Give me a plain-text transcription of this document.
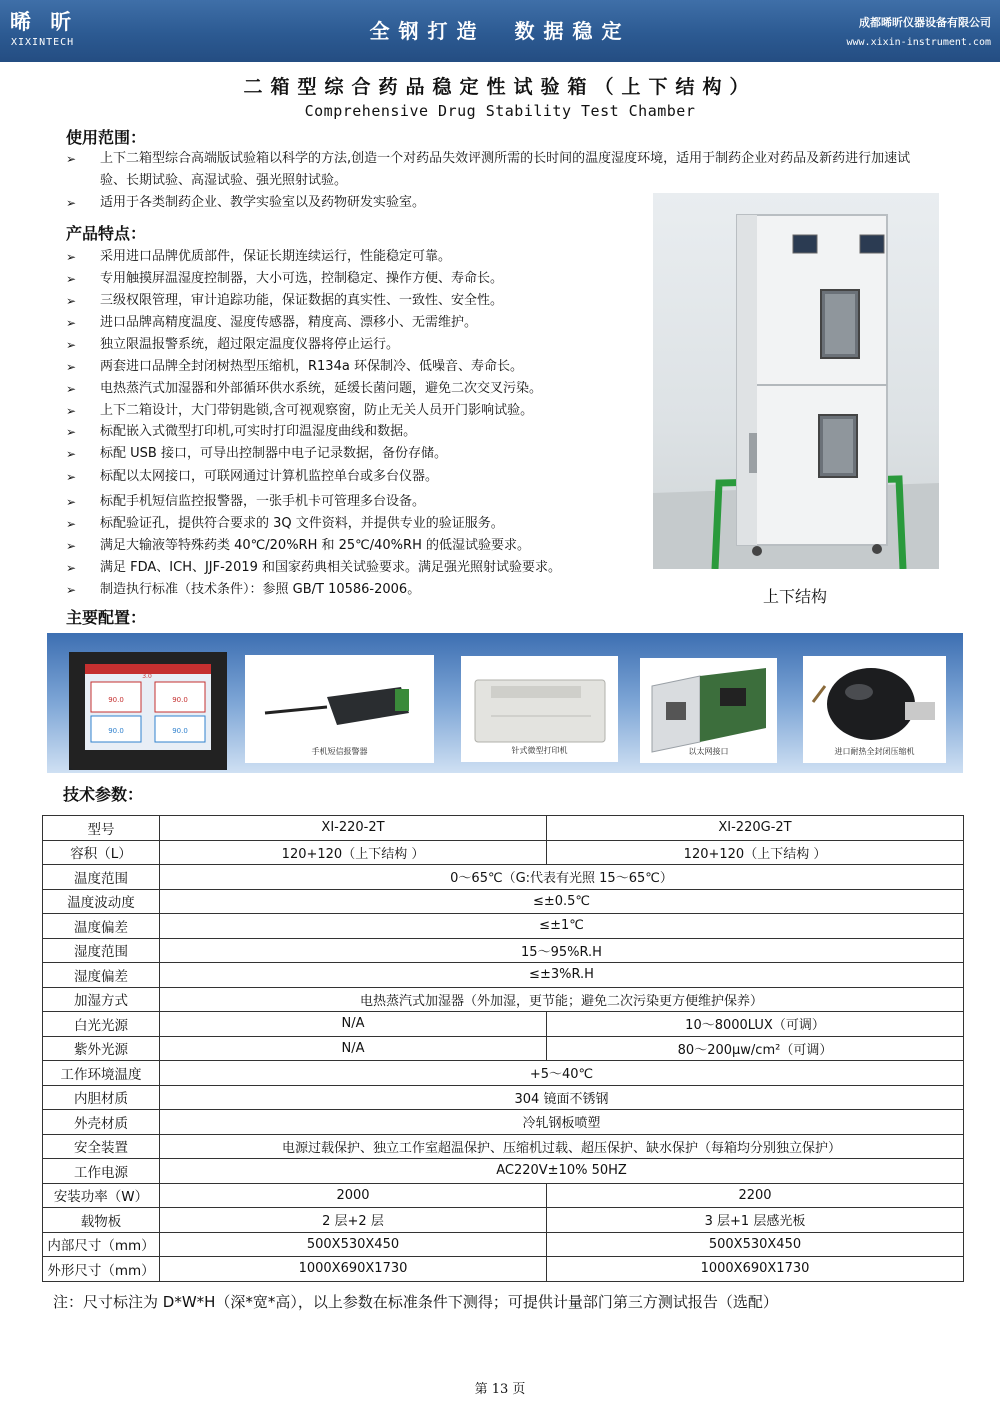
晞 昕
XIXINTECH	全钢打造　数据稳定	成都晞昕仪器设备有限公司
www.xixin-instrument.com
二箱型综合药品稳定性试验箱（上下结构）
Comprehensive Drug Stability Test Chamber
使用范围：
➢	上下二箱型综合高端版试验箱以科学的方法,创造一个对药品失效评测所需的长时间的温度湿度环境，适用于制药企业对药品及新药进行加速试验、长期试验、高湿试验、强光照射试验。
➢	适用于各类制药企业、教学实验室以及药物研发实验室。
产品特点：
➢	采用进口品牌优质部件，保证长期连续运行，性能稳定可靠。
➢	专用触摸屏温湿度控制器，大小可选，控制稳定、操作方便、寿命长。
➢	三级权限管理，审计追踪功能，保证数据的真实性、一致性、安全性。
➢	进口品牌高精度温度、湿度传感器，精度高、漂移小、无需维护。
➢	独立限温报警系统，超过限定温度仪器将停止运行。
➢	两套进口品牌全封闭树热型压缩机，R134a 环保制冷、低噪音、寿命长。
➢	电热蒸汽式加湿器和外部循环供水系统，延缓长菌问题，避免二次交叉污染。
➢	上下二箱设计，大门带钥匙锁,含可视观察窗，防止无关人员开门影响试验。
➢	标配嵌入式微型打印机,可实时打印温湿度曲线和数据。
➢	标配 USB 接口，可导出控制器中电子记录数据，备份存储。
➢	标配以太网接口，可联网通过计算机监控单台或多台仪器。
➢	标配手机短信监控报警器，一张手机卡可管理多台设备。
➢	标配验证孔，提供符合要求的 3Q 文件资料，并提供专业的验证服务。
➢	满足大输液等特殊药类 40℃/20%RH 和 25℃/40%RH 的低湿试验要求。
➢	满足 FDA、ICH、JJF-2019 和国家药典相关试验要求。满足强光照射试验要求。
➢	制造执行标准（技术条件）：参照 GB/T 10586-2006。	上下结构
主要配置：
3.0
90.0	90.0
90.0	90.0
手机短信报警器	针式微型打印机	以太网接口	进口耐热全封闭压缩机
技术参数：
型号	XI-220-2T	XI-220G-2T
容积（L）	120+120（上下结构 ）	120+120（上下结构 ）
温度范围	0～65℃（G:代表有光照 15～65℃）	
温度波动度	≤±0.5℃	
温度偏差	≤±1℃	
湿度范围	15～95%R.H	
湿度偏差	≤±3%R.H	
加湿方式	电热蒸汽式加湿器（外加湿，更节能；避免二次污染更方便维护保养）	
白光光源	N/A	10～8000LUX（可调）
紫外光源	N/A	80～200μw/cm²（可调）
工作环境温度	+5～40℃	
内胆材质	304 镜面不锈钢	
外壳材质	冷轧钢板喷塑	
安全装置	电源过载保护、独立工作室超温保护、压缩机过载、超压保护、缺水保护（每箱均分别独立保护）	
工作电源	AC220V±10% 50HZ	
安装功率（W）	2000	2200
载物板	2 层+2 层	3 层+1 层感光板
内部尺寸（mm）	500X530X450	500X530X450
外形尺寸（mm）	1000X690X1730	1000X690X1730
注：尺寸标注为 D*W*H（深*宽*高），以上参数在标准条件下测得；可提供计量部门第三方测试报告（选配）
第 13 页
